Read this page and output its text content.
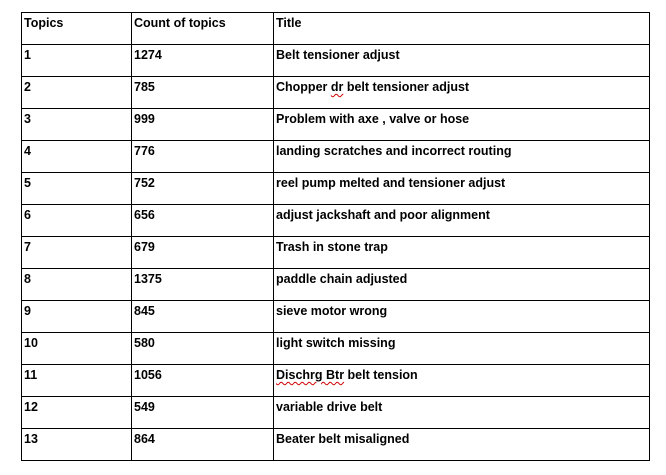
Topics	Count of topics	Title
1	1274	Belt tensioner adjust
2	785	Chopper dr belt tensioner adjust
3	999	Problem with axe , valve or hose
4	776	landing scratches and incorrect routing
5	752	reel pump melted and tensioner adjust
6	656	adjust jackshaft and poor alignment
7	679	Trash in stone trap
8	1375	paddle chain adjusted
9	845	sieve motor wrong
10	580	light switch missing
11	1056	Dischrg Btr belt tension
12	549	variable drive belt
13	864	Beater belt misaligned
